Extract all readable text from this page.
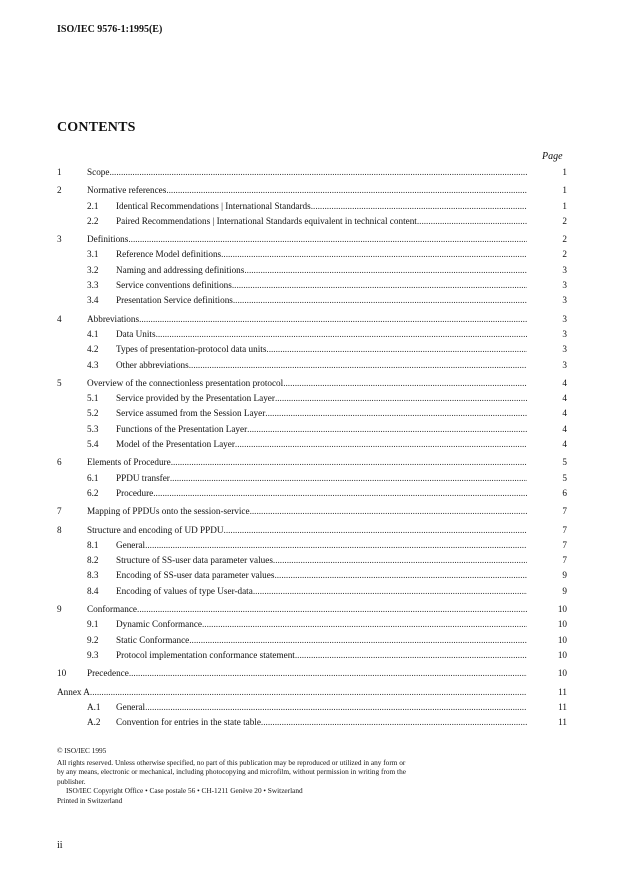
ISO/IEC 9576-1:1995(E)
CONTENTS
Page
1	Scope .....	1
2	Normative references .....	1
2.1 Identical Recommendations | International Standards .....	1
2.2 Paired Recommendations | International Standards equivalent in technical content .....	2
3	Definitions .....	2
3.1 Reference Model definitions .....	2
3.2 Naming and addressing definitions .....	3
3.3 Service conventions definitions .....	3
3.4 Presentation Service definitions .....	3
4	Abbreviations .....	3
4.1 Data Units .....	3
4.2 Types of presentation-protocol data units .....	3
4.3 Other abbreviations .....	3
5	Overview of the connectionless presentation protocol .....	4
5.1 Service provided by the Presentation Layer .....	4
5.2 Service assumed from the Session Layer .....	4
5.3 Functions of the Presentation Layer .....	4
5.4 Model of the Presentation Layer .....	4
6	Elements of Procedure .....	5
6.1 PPDU transfer .....	5
6.2 Procedure .....	6
7	Mapping of PPDUs onto the session-service .....	7
8	Structure and encoding of UD PPDU .....	7
8.1 General .....	7
8.2 Structure of SS-user data parameter values .....	7
8.3 Encoding of SS-user data parameter values .....	9
8.4 Encoding of values of type User-data .....	9
9	Conformance .....	10
9.1 Dynamic Conformance .....	10
9.2 Static Conformance .....	10
9.3 Protocol implementation conformance statement .....	10
10 Precedence .....	10
Annex A .....	11
A.1 General .....	11
A.2 Convention for entries in the state table .....	11
© ISO/IEC 1995
All rights reserved. Unless otherwise specified, no part of this publication may be reproduced or utilized in any form or by any means, electronic or mechanical, including photocopying and microfilm, without permission in writing from the publisher.
ISO/IEC Copyright Office • Case postale 56 • CH-1211 Genève 20 • Switzerland
Printed in Switzerland
ii
